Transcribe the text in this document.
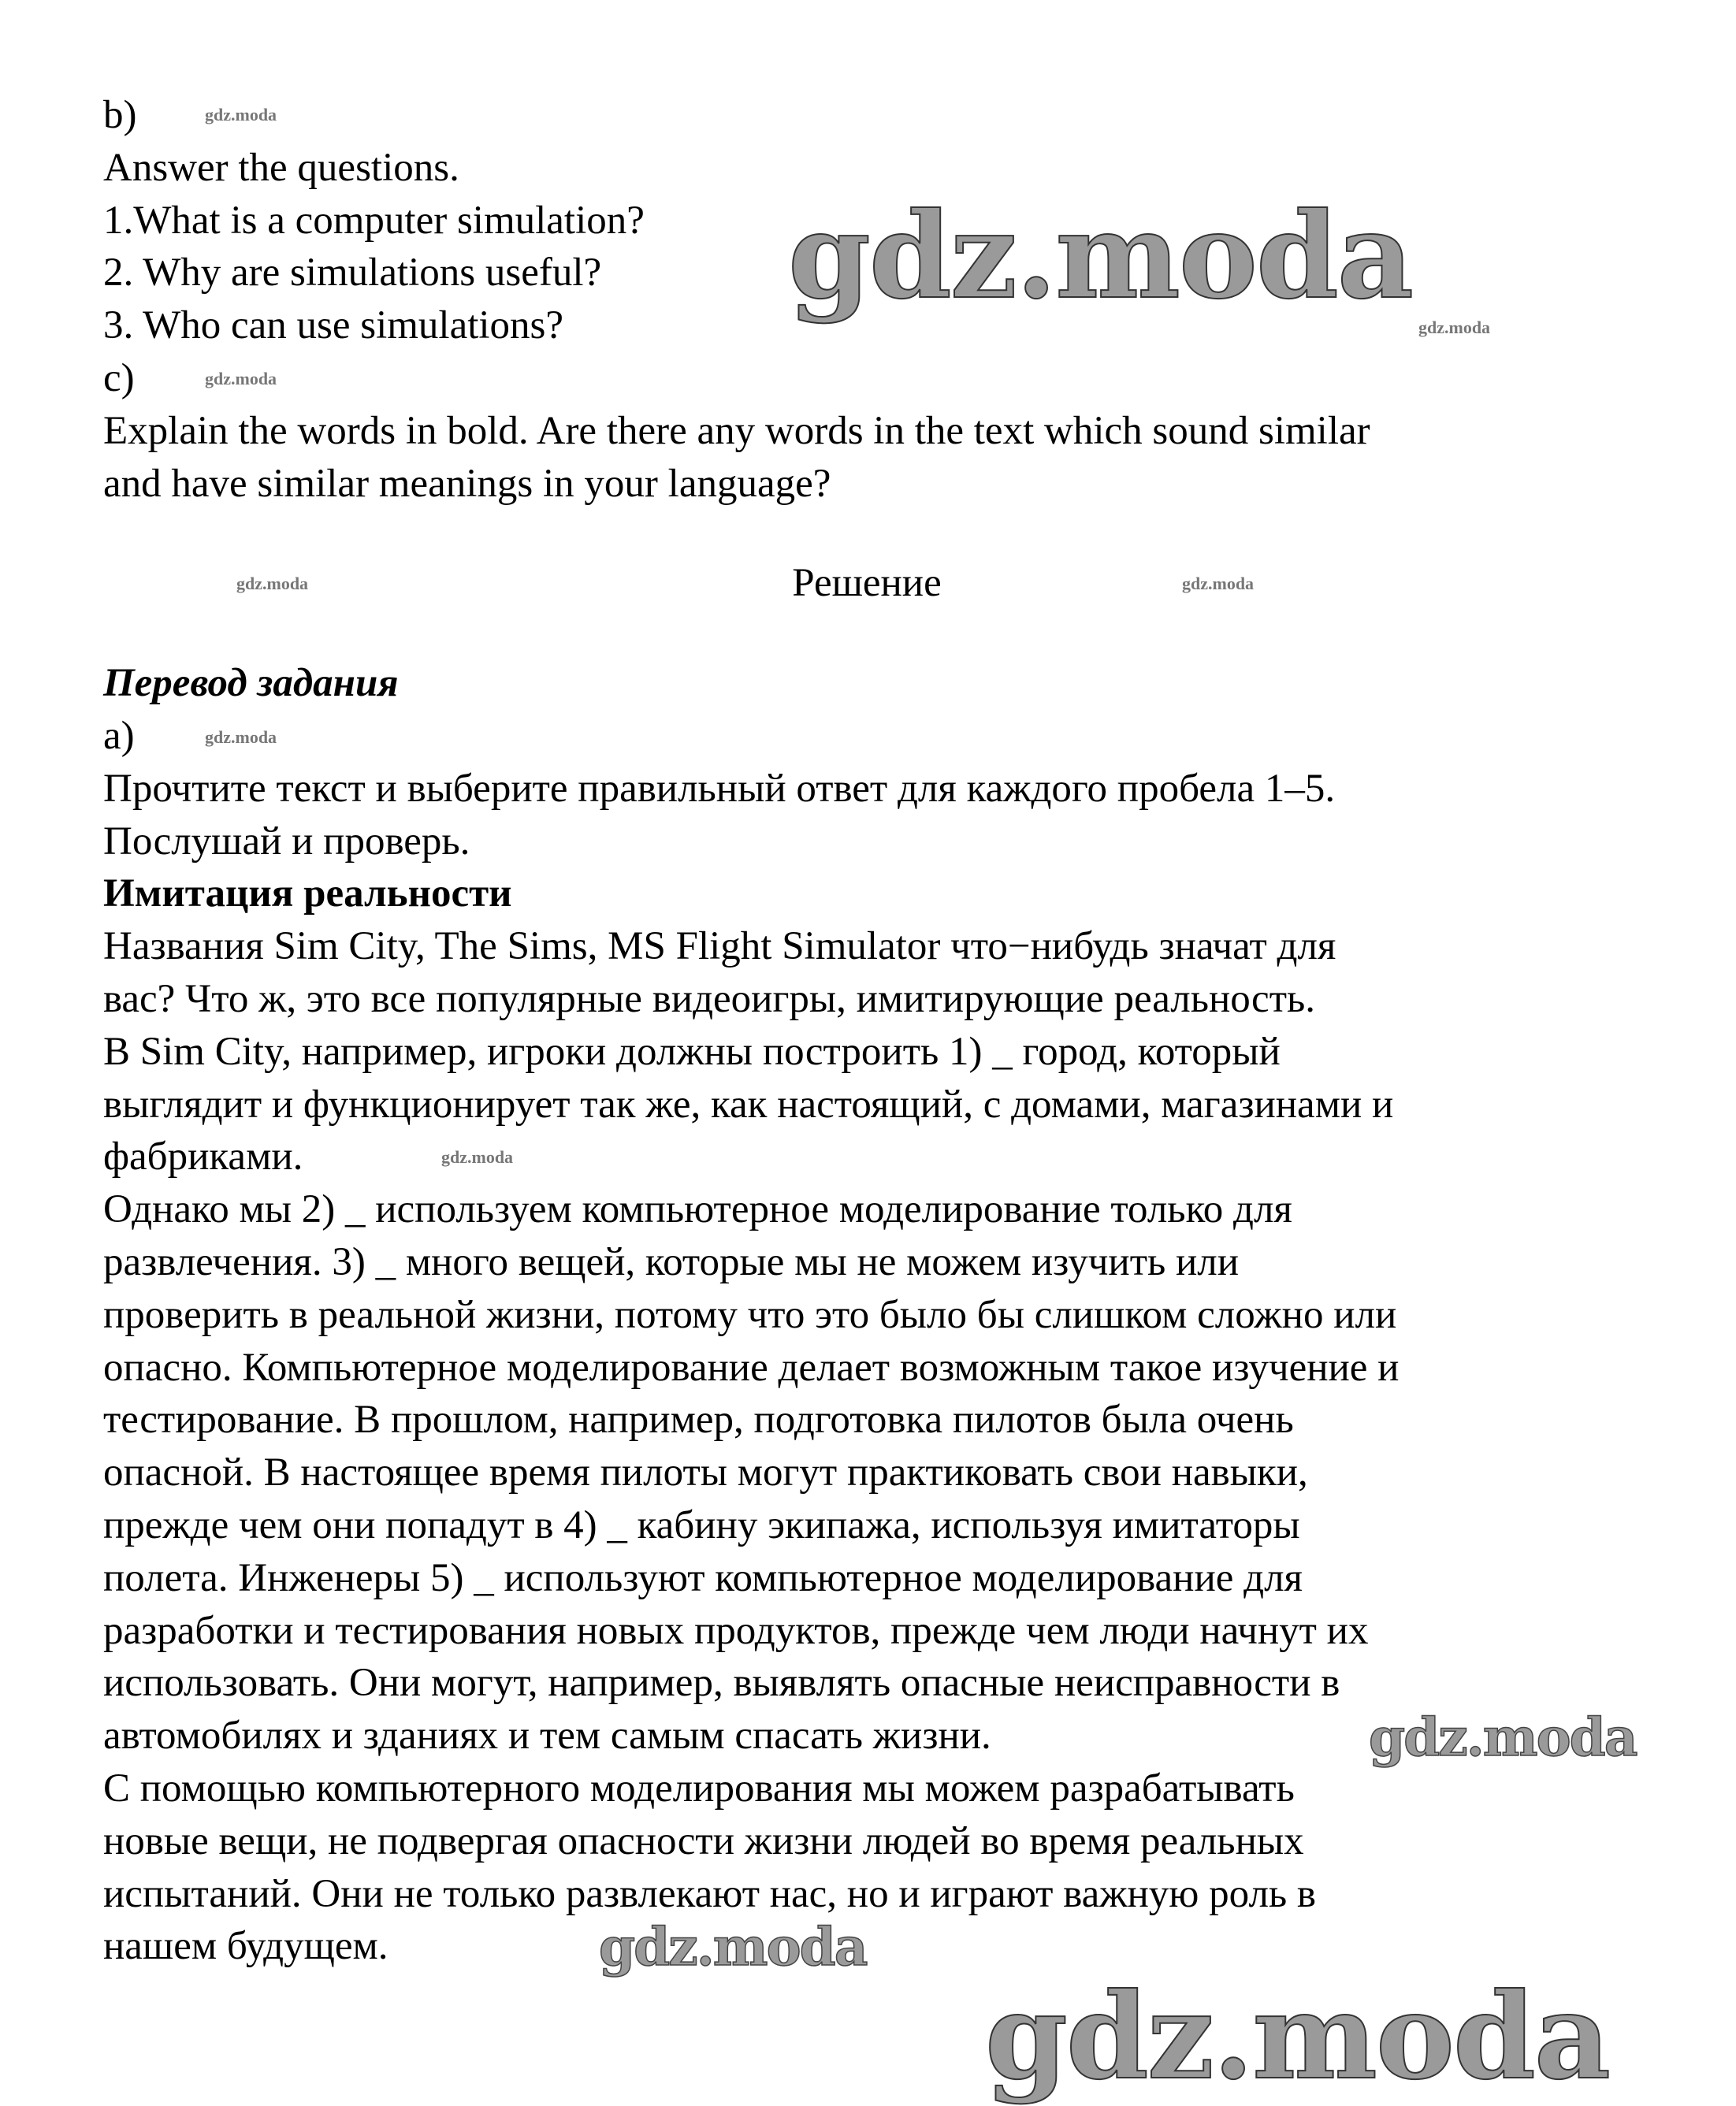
b)
Answer the questions.
1.What is a computer simulation?
2. Why are simulations useful?
3. Who can use simulations?
c)
Explain the words in bold. Are there any words in the text which sound similar
and have similar meanings in your language?
Решение
Перевод задания
a)
Прочтите текст и выберите правильный ответ для каждого пробела 1–5.
Послушай и проверь.
Имитация реальности
Названия Sim City, The Sims, MS Flight Simulator что−нибудь значат для
вас? Что ж, это все популярные видеоигры, имитирующие реальность.
В Sim City, например, игроки должны построить 1) _ город, который
выглядит и функционирует так же, как настоящий, с домами, магазинами и
фабриками.
Однако мы 2) _ используем компьютерное моделирование только для
развлечения. 3) _ много вещей, которые мы не можем изучить или
проверить в реальной жизни, потому что это было бы слишком сложно или
опасно. Компьютерное моделирование делает возможным такое изучение и
тестирование. В прошлом, например, подготовка пилотов была очень
опасной. В настоящее время пилоты могут практиковать свои навыки,
прежде чем они попадут в 4) _ кабину экипажа, используя имитаторы
полета. Инженеры 5) _ используют компьютерное моделирование для
разработки и тестирования новых продуктов, прежде чем люди начнут их
использовать. Они могут, например, выявлять опасные неисправности в
автомобилях и зданиях и тем самым спасать жизни.
С помощью компьютерного моделирования мы можем разрабатывать
новые вещи, не подвергая опасности жизни людей во время реальных
испытаний. Они не только развлекают нас, но и играют важную роль в
нашем будущем.
gdz.moda
gdz.moda
gdz.moda
gdz.moda
gdz.moda
gdz.moda
gdz.moda
gdz.moda
gdz.moda
gdz.moda
gdz.moda
